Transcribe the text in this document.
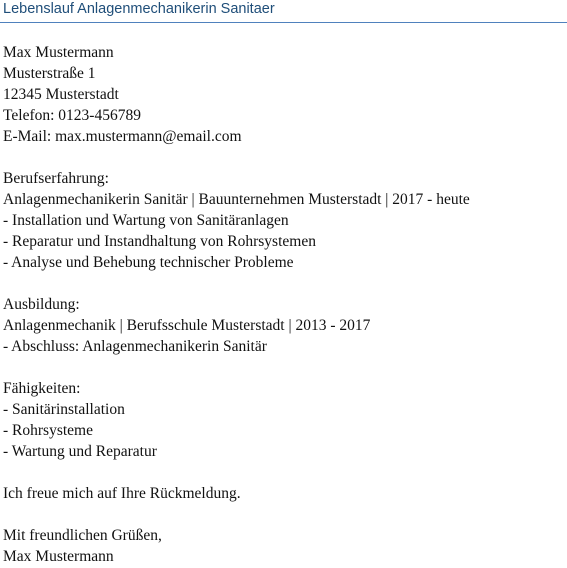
Lebenslauf Anlagenmechanikerin Sanitaer
Max Mustermann
Musterstraße 1
12345 Musterstadt
Telefon: 0123-456789
E-Mail: max.mustermann@email.com
Berufserfahrung:
Anlagenmechanikerin Sanitär | Bauunternehmen Musterstadt | 2017 - heute
- Installation und Wartung von Sanitäranlagen
- Reparatur und Instandhaltung von Rohrsystemen
- Analyse und Behebung technischer Probleme
Ausbildung:
Anlagenmechanik | Berufsschule Musterstadt | 2013 - 2017
- Abschluss: Anlagenmechanikerin Sanitär
Fähigkeiten:
- Sanitärinstallation
- Rohrsysteme
- Wartung und Reparatur
Ich freue mich auf Ihre Rückmeldung.
Mit freundlichen Grüßen,
Max Mustermann
